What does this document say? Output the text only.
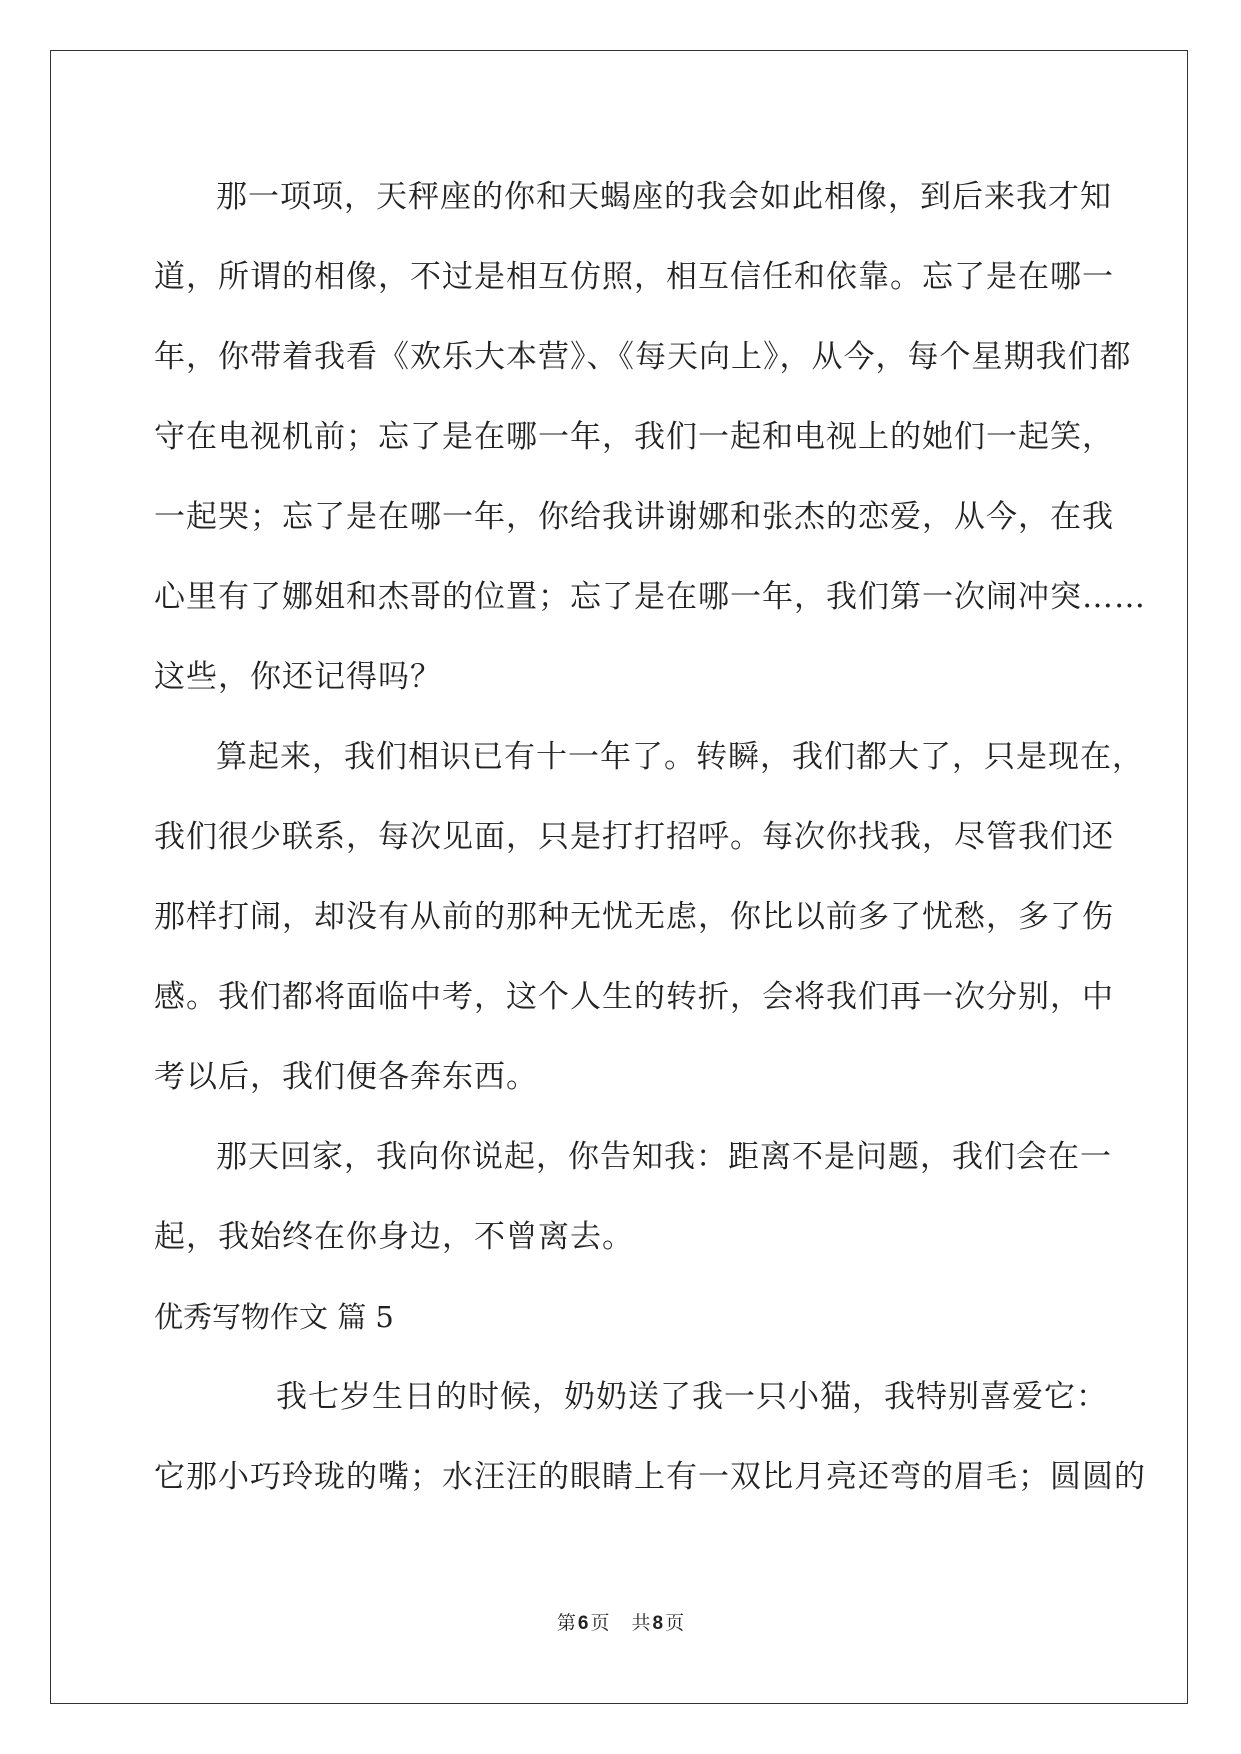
那一项项，天秤座的你和天蝎座的我会如此相像，到后来我才知
道，所谓的相像，不过是相互仿照，相互信任和依靠。忘了是在哪一
年，你带着我看《欢乐大本营》、《每天向上》，从今，每个星期我们都
守在电视机前；忘了是在哪一年，我们一起和电视上的她们一起笑，
一起哭；忘了是在哪一年，你给我讲谢娜和张杰的恋爱，从今，在我
心里有了娜姐和杰哥的位置；忘了是在哪一年，我们第一次闹冲突……
这些，你还记得吗？
算起来，我们相识已有十一年了。转瞬，我们都大了，只是现在，
我们很少联系，每次见面，只是打打招呼。每次你找我，尽管我们还
那样打闹，却没有从前的那种无忧无虑，你比以前多了忧愁，多了伤
感。我们都将面临中考，这个人生的转折，会将我们再一次分别，中
考以后，我们便各奔东西。
那天回家，我向你说起，你告知我：距离不是问题，我们会在一
起，我始终在你身边，不曾离去。
优秀写物作文 篇 5
我七岁生日的时候，奶奶送了我一只小猫，我特别喜爱它：
它那小巧玲珑的嘴；水汪汪的眼睛上有一双比月亮还弯的眉毛；圆圆的
第 6 页 共 8 页
